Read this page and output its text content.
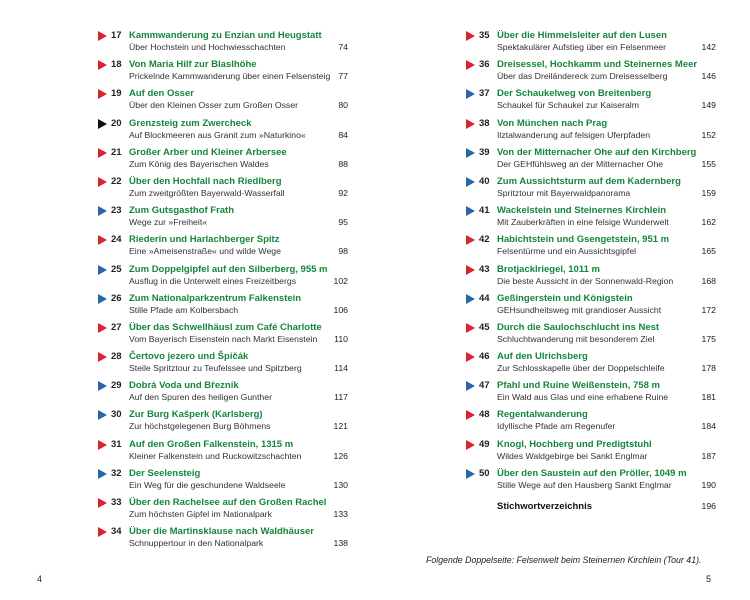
17 Kammwanderung zu Enzian und Heugstatt
Über Hochstein und Hochwiesschachten	74
18 Von Maria Hilf zur Blaslhöhe
Prickelnde Kammwanderung über einen Felsensteig 77
19 Auf den Osser
Über den Kleinen Osser zum Großen Osser	80
20 Grenzsteig zum Zwercheck
Auf Blockmeeren aus Granit zum »Naturkino«	84
21 Großer Arber und Kleiner Arbersee
Zum König des Bayerischen Waldes	88
22 Über den Hochfall nach Riedlberg
Zum zweitgrößten Bayerwald-Wasserfall	92
23 Zum Gutsgasthof Frath
Wege zur »Freiheit«	95
24 Riederin und Harlachberger Spitz
Eine »Ameisenstraße« und wilde Wege	98
25 Zum Doppelgipfel auf den Silberberg, 955 m
Ausflug in die Unterwelt eines Freizeitbergs	102
26 Zum Nationalparkzentrum Falkenstein
Stille Pfade am Kolbersbach	106
27 Über das Schwellhäusl zum Café Charlotte
Vom Bayerisch Eisenstein nach Markt Eisenstein 110
28 Čertovo jezero und Špičák
Steile Spritztour zu Teufelssee und Spitzberg	114
29 Dobrá Voda und Březník
Auf den Spuren des heiligen Gunther	117
30 Zur Burg Kašperk (Karlsberg)
Zur höchstgelegenen Burg Böhmens	121
31 Auf den Großen Falkenstein, 1315 m
Kleiner Falkenstein und Ruckowitzschachten	126
32 Der Seelensteig
Ein Weg für die geschundene Waldseele	130
33 Über den Rachelsee auf den Großen Rachel
Zum höchsten Gipfel im Nationalpark	133
34 Über die Martinsklause nach Waldhäuser
Schnuppertour in den Nationalpark	138
35 Über die Himmelsleiter auf den Lusen
Spektakulärer Aufstieg über ein Felsenmeer	142
36 Dreisessel, Hochkamm und Steinernes Meer
Über das Dreiländereck zum Dreisesselberg	146
37 Der Schaukelweg von Breitenberg
Schaukel für Schaukel zur Kaiseralm	149
38 Von München nach Prag
Ilztalwanderung auf felsigen Uferpfaden	152
39 Von der Mitternacher Ohe auf den Kirchberg
Der GEHfühlsweg an der Mitternacher Ohe	155
40 Zum Aussichtsturm auf dem Kadernberg
Spritztour mit Bayerwaldpanorama	159
41 Wackelstein und Steinernes Kirchlein
Mit Zauberkräften in eine felsige Wunderwelt	162
42 Habichtstein und Gsengetstein, 951 m
Felsentürme und ein Aussichtsgipfel	165
43 Brotjacklriegel, 1011 m
Die beste Aussicht in der Sonnenwald-Region	168
44 Geßingerstein und Königstein
GEHsundheitsweg mit grandioser Aussicht	172
45 Durch die Saulochschlucht ins Nest
Schluchtwanderung mit besonderem Ziel	175
46 Auf den Ulrichsberg
Zur Schlosskapelle über der Doppelschleife	178
47 Pfahl und Ruine Weißenstein, 758 m
Ein Wald aus Glas und eine erhabene Ruine	181
48 Regentalwanderung
Idyllische Pfade am Regenufer	184
49 Knogl, Hochberg und Predigtstuhl
Wildes Waldgebirge bei Sankt Englmar	187
50 Über den Saustein auf den Pröller, 1049 m
Stille Wege auf den Hausberg Sankt Englmar	190
Stichwortverzeichnis	196
Folgende Doppelseite: Felsenwelt beim Steinernen Kirchlein (Tour 41).
4	5
